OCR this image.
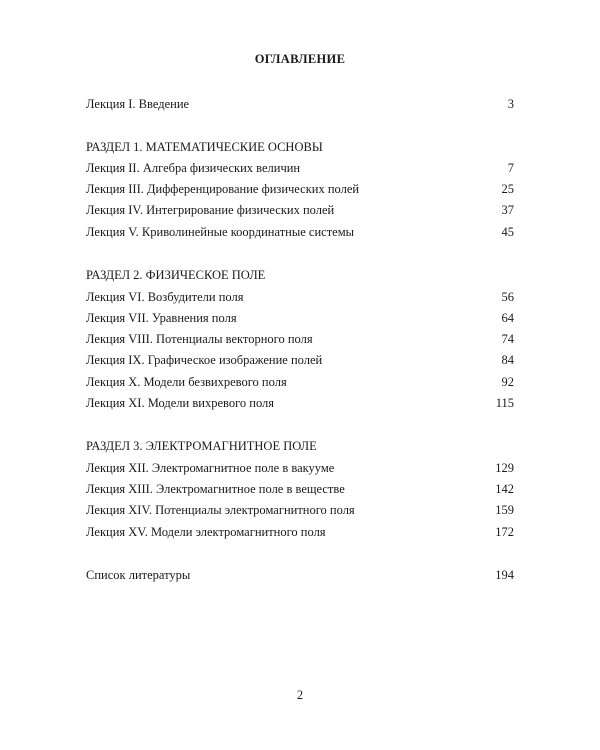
ОГЛАВЛЕНИЕ
Лекция I. Введение	3
РАЗДЕЛ 1. МАТЕМАТИЧЕСКИЕ ОСНОВЫ
Лекция II. Алгебра физических величин	7
Лекция III. Дифференцирование физических полей	25
Лекция IV. Интегрирование физических полей	37
Лекция V. Криволинейные координатные системы	45
РАЗДЕЛ 2. ФИЗИЧЕСКОЕ ПОЛЕ
Лекция VI. Возбудители поля	56
Лекция VII. Уравнения поля	64
Лекция VIII. Потенциалы векторного поля	74
Лекция IX. Графическое изображение полей	84
Лекция X. Модели безвихревого поля	92
Лекция XI. Модели вихревого поля	115
РАЗДЕЛ 3. ЭЛЕКТРОМАГНИТНОЕ ПОЛЕ
Лекция XII. Электромагнитное поле в вакууме	129
Лекция XIII. Электромагнитное поле в веществе	142
Лекция XIV. Потенциалы электромагнитного поля	159
Лекция XV. Модели электромагнитного поля	172
Список литературы	194
2
